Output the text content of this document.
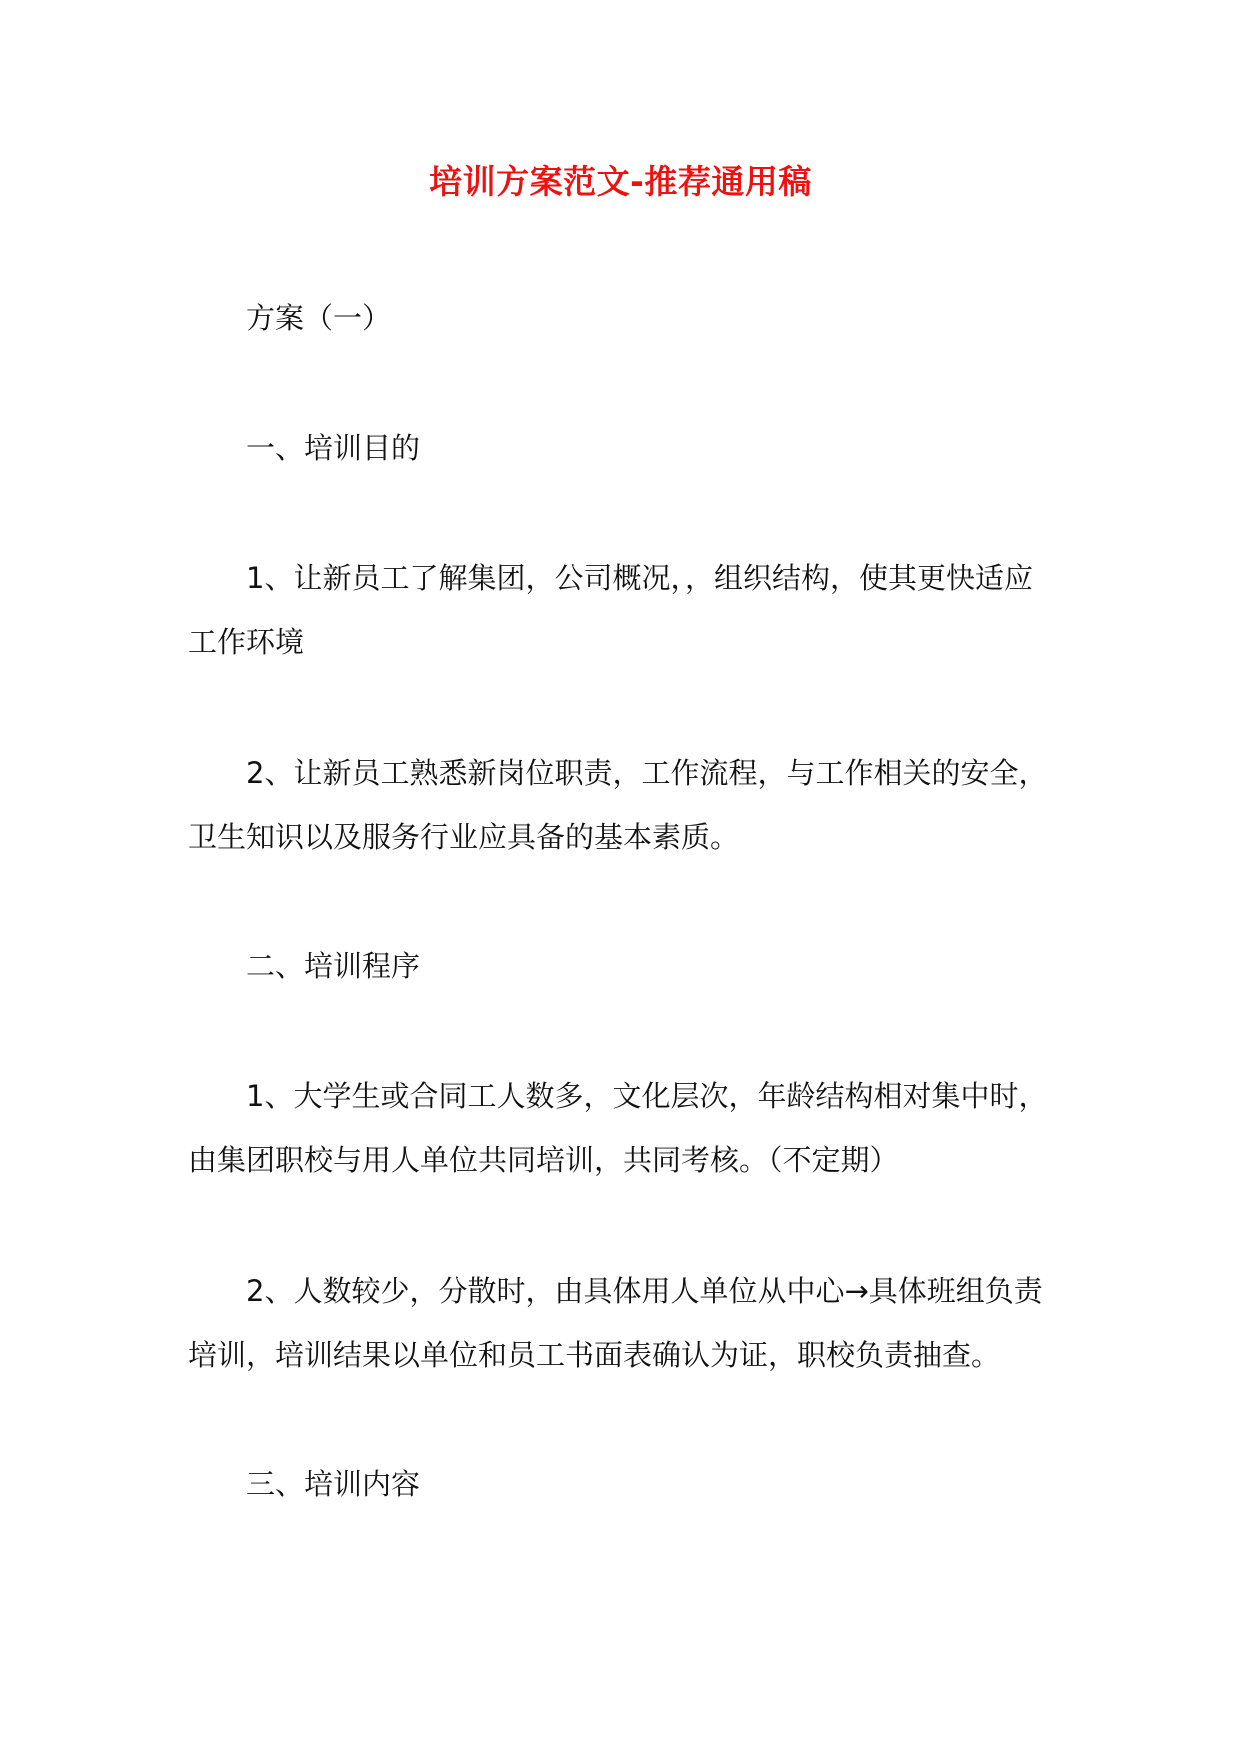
培训方案范文-推荐通用稿

方案（一）

一、培训目的

1、让新员工了解集团，公司概况，，组织结构，使其更快适应工作环境

2、让新员工熟悉新岗位职责，工作流程，与工作相关的安全，卫生知识以及服务行业应具备的基本素质。

二、培训程序

1、大学生或合同工人数多，文化层次，年龄结构相对集中时，由集团职校与用人单位共同培训，共同考核。（不定期）

2、人数较少，分散时，由具体用人单位从中心→具体班组负责培训，培训结果以单位和员工书面表确认为证，职校负责抽查。

三、培训内容
